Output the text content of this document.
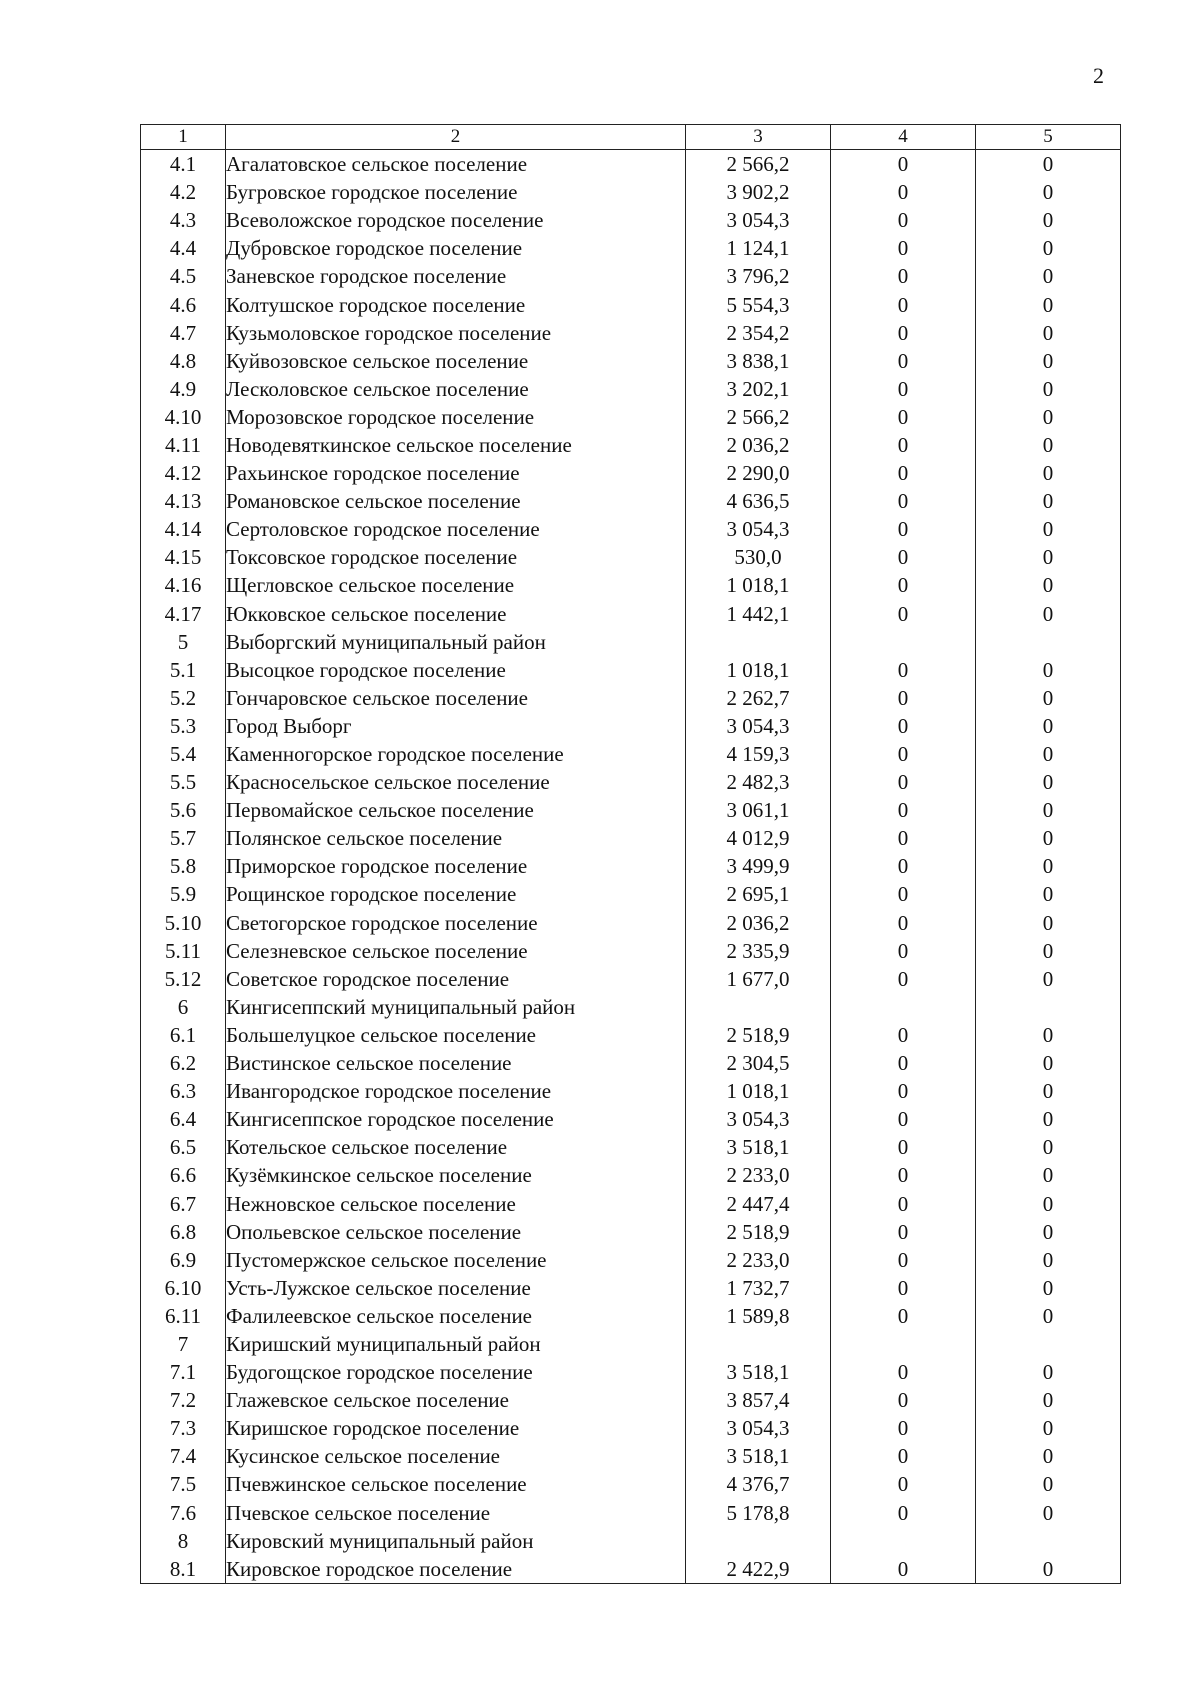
2
1	2	3	4	5
4.1	Агалатовское сельское поселение	2 566,2	0	0
4.2	Бугровское городское поселение	3 902,2	0	0
4.3	Всеволожское городское поселение	3 054,3	0	0
4.4	Дубровское городское поселение	1 124,1	0	0
4.5	Заневское городское поселение	3 796,2	0	0
4.6	Колтушское городское поселение	5 554,3	0	0
4.7	Кузьмоловское городское поселение	2 354,2	0	0
4.8	Куйвозовское сельское поселение	3 838,1	0	0
4.9	Лесколовское сельское поселение	3 202,1	0	0
4.10	Морозовское городское поселение	2 566,2	0	0
4.11	Новодевяткинское сельское поселение	2 036,2	0	0
4.12	Рахьинское городское поселение	2 290,0	0	0
4.13	Романовское сельское поселение	4 636,5	0	0
4.14	Сертоловское городское поселение	3 054,3	0	0
4.15	Токсовское городское поселение	530,0	0	0
4.16	Щегловское сельское поселение	1 018,1	0	0
4.17	Юкковское сельское поселение	1 442,1	0	0
5	Выборгский муниципальный район			
5.1	Высоцкое городское поселение	1 018,1	0	0
5.2	Гончаровское сельское поселение	2 262,7	0	0
5.3	Город Выборг	3 054,3	0	0
5.4	Каменногорское городское поселение	4 159,3	0	0
5.5	Красносельское сельское поселение	2 482,3	0	0
5.6	Первомайское сельское поселение	3 061,1	0	0
5.7	Полянское сельское поселение	4 012,9	0	0
5.8	Приморское городское поселение	3 499,9	0	0
5.9	Рощинское городское поселение	2 695,1	0	0
5.10	Светогорское городское поселение	2 036,2	0	0
5.11	Селезневское сельское поселение	2 335,9	0	0
5.12	Советское городское поселение	1 677,0	0	0
6	Кингисеппский муниципальный район			
6.1	Большелуцкое сельское поселение	2 518,9	0	0
6.2	Вистинское сельское поселение	2 304,5	0	0
6.3	Ивангородское городское поселение	1 018,1	0	0
6.4	Кингисеппское городское поселение	3 054,3	0	0
6.5	Котельское сельское поселение	3 518,1	0	0
6.6	Кузёмкинское сельское поселение	2 233,0	0	0
6.7	Нежновское сельское поселение	2 447,4	0	0
6.8	Опольевское сельское поселение	2 518,9	0	0
6.9	Пустомержское сельское поселение	2 233,0	0	0
6.10	Усть-Лужское сельское поселение	1 732,7	0	0
6.11	Фалилеевское сельское поселение	1 589,8	0	0
7	Киришский муниципальный район			
7.1	Будогощское городское поселение	3 518,1	0	0
7.2	Глажевское сельское поселение	3 857,4	0	0
7.3	Киришское городское поселение	3 054,3	0	0
7.4	Кусинское сельское поселение	3 518,1	0	0
7.5	Пчевжинское сельское поселение	4 376,7	0	0
7.6	Пчевское сельское поселение	5 178,8	0	0
8	Кировский муниципальный район			
8.1	Кировское городское поселение	2 422,9	0	0
